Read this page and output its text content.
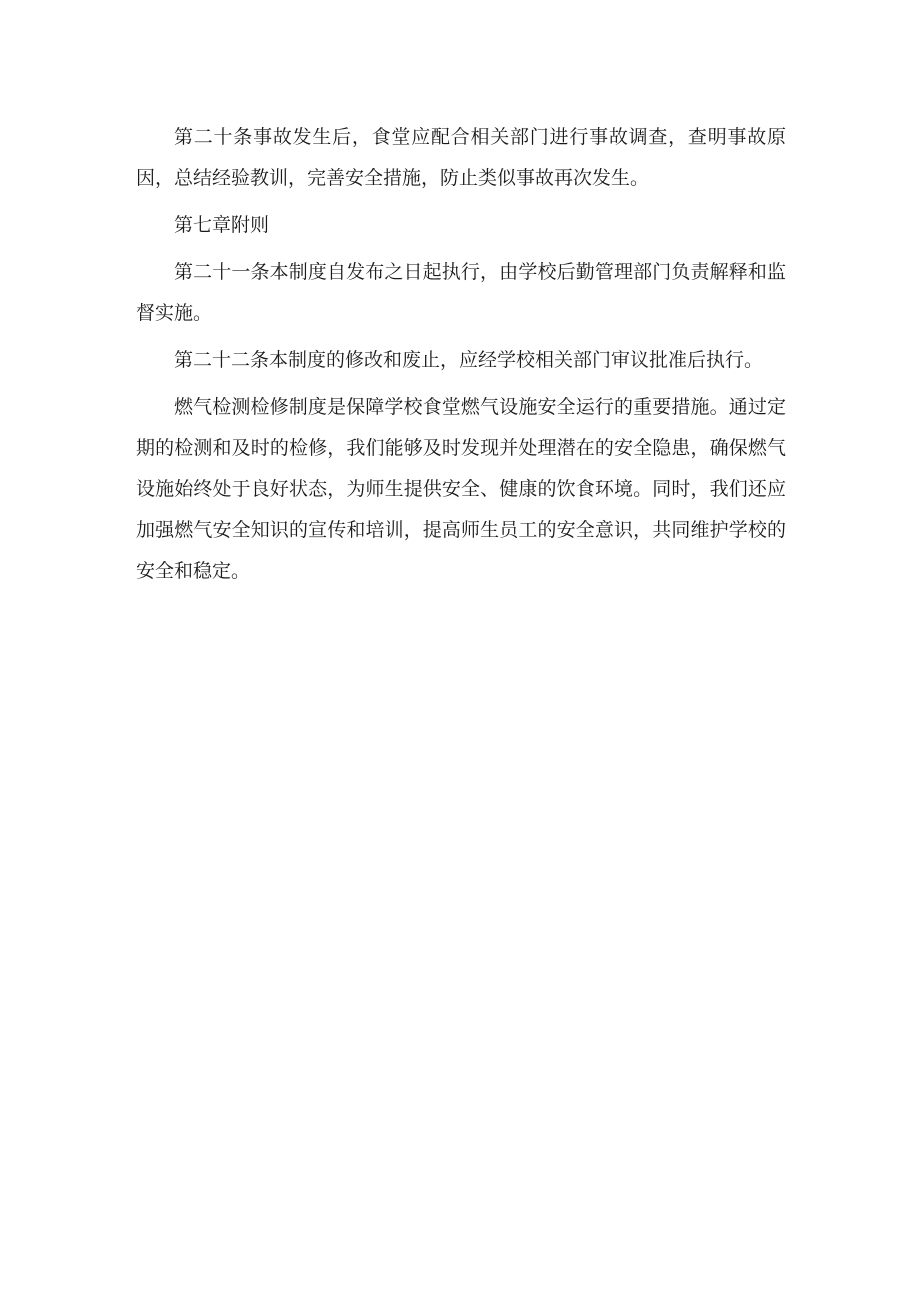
第二十条事故发生后，食堂应配合相关部门进行事故调查，查明事故原因，总结经验教训，完善安全措施，防止类似事故再次发生。

第七章附则

第二十一条本制度自发布之日起执行，由学校后勤管理部门负责解释和监督实施。

第二十二条本制度的修改和废止，应经学校相关部门审议批准后执行。

燃气检测检修制度是保障学校食堂燃气设施安全运行的重要措施。通过定期的检测和及时的检修，我们能够及时发现并处理潜在的安全隐患，确保燃气设施始终处于良好状态，为师生提供安全、健康的饮食环境。同时，我们还应加强燃气安全知识的宣传和培训，提高师生员工的安全意识，共同维护学校的安全和稳定。
